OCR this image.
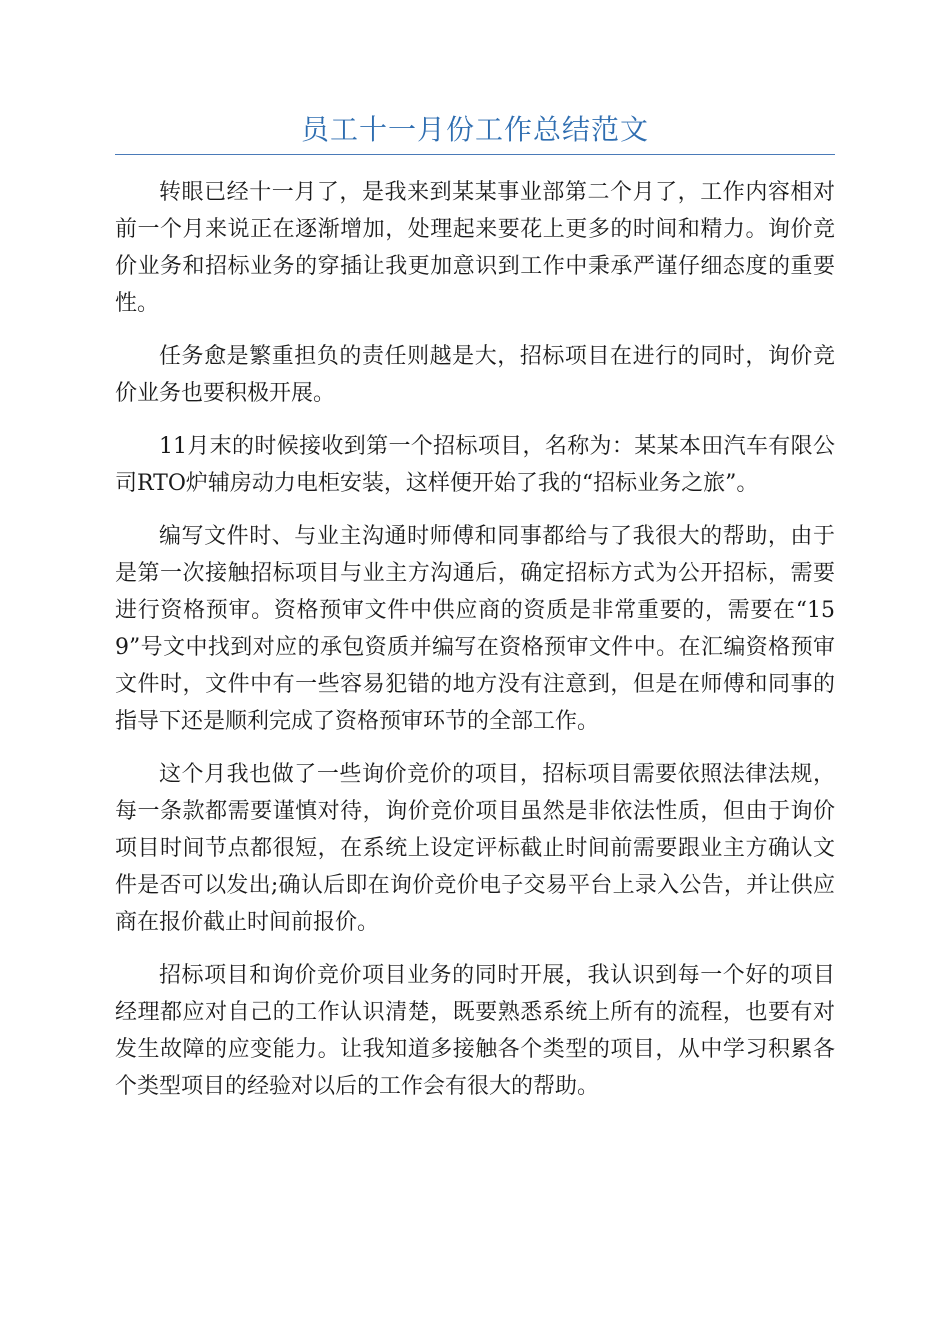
员工十一月份工作总结范文

转眼已经十一月了，是我来到某某事业部第二个月了，工作内容相对前一个月来说正在逐渐增加，处理起来要花上更多的时间和精力。询价竞价业务和招标业务的穿插让我更加意识到工作中秉承严谨仔细态度的重要性。

任务愈是繁重担负的责任则越是大，招标项目在进行的同时，询价竞价业务也要积极开展。

11月末的时候接收到第一个招标项目，名称为：某某本田汽车有限公司RTO炉辅房动力电柜安装，这样便开始了我的“招标业务之旅”。

编写文件时、与业主沟通时师傅和同事都给与了我很大的帮助，由于是第一次接触招标项目与业主方沟通后，确定招标方式为公开招标，需要进行资格预审。资格预审文件中供应商的资质是非常重要的，需要在“159”号文中找到对应的承包资质并编写在资格预审文件中。在汇编资格预审文件时，文件中有一些容易犯错的地方没有注意到，但是在师傅和同事的指导下还是顺利完成了资格预审环节的全部工作。

这个月我也做了一些询价竞价的项目，招标项目需要依照法律法规，每一条款都需要谨慎对待，询价竞价项目虽然是非依法性质，但由于询价项目时间节点都很短，在系统上设定评标截止时间前需要跟业主方确认文件是否可以发出;确认后即在询价竞价电子交易平台上录入公告，并让供应商在报价截止时间前报价。

招标项目和询价竞价项目业务的同时开展，我认识到每一个好的项目经理都应对自己的工作认识清楚，既要熟悉系统上所有的流程，也要有对发生故障的应变能力。让我知道多接触各个类型的项目，从中学习积累各个类型项目的经验对以后的工作会有很大的帮助。
